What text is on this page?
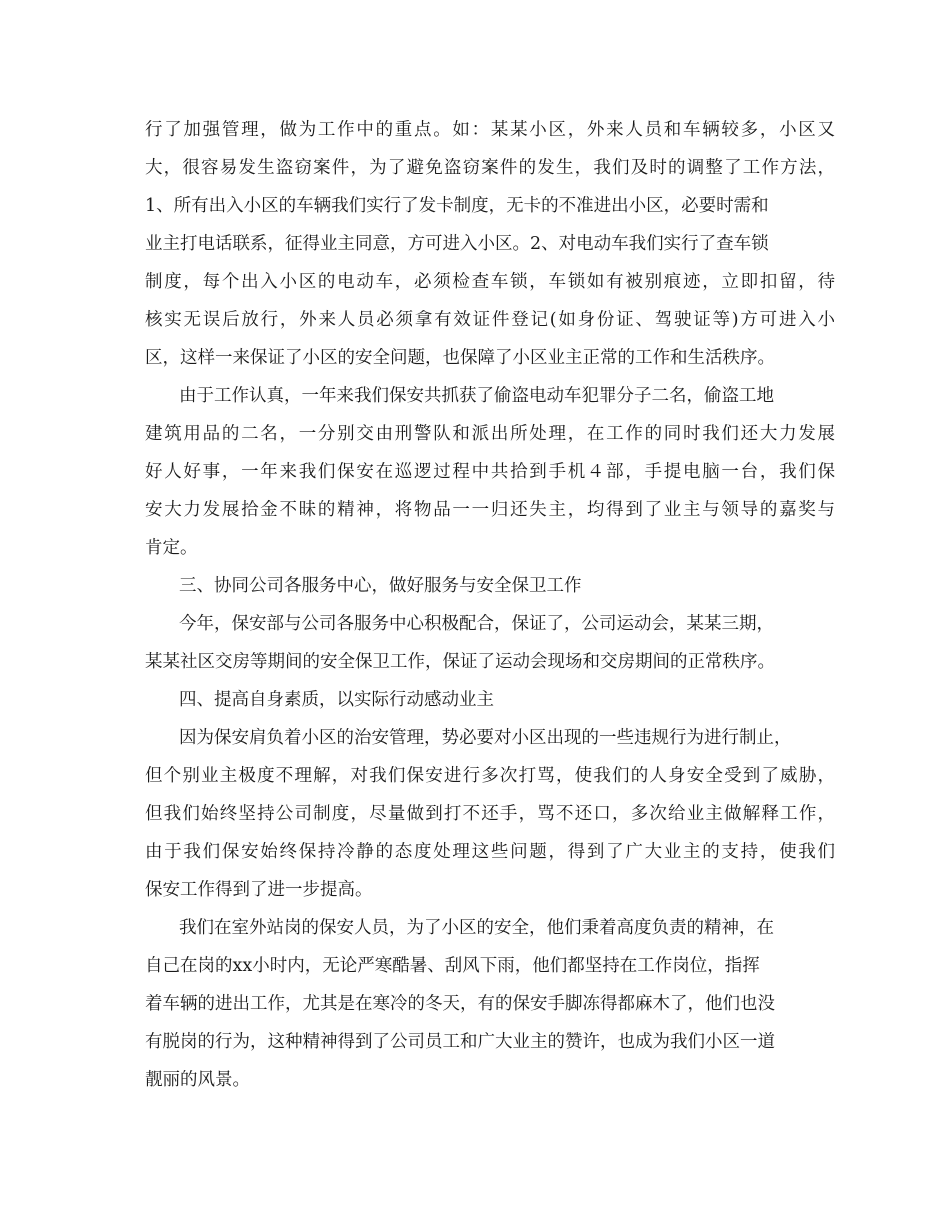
行了加强管理，做为工作中的重点。如：某某小区，外来人员和车辆较多，小区又
大，很容易发生盗窃案件，为了避免盗窃案件的发生，我们及时的调整了工作方法，
1、所有出入小区的车辆我们实行了发卡制度，无卡的不准进出小区，必要时需和
业主打电话联系，征得业主同意，方可进入小区。2、对电动车我们实行了查车锁
制度，每个出入小区的电动车，必须检查车锁，车锁如有被别痕迹，立即扣留，待
核实无误后放行，外来人员必须拿有效证件登记(如身份证、驾驶证等)方可进入小
区，这样一来保证了小区的安全问题，也保障了小区业主正常的工作和生活秩序。
由于工作认真，一年来我们保安共抓获了偷盗电动车犯罪分子二名，偷盗工地
建筑用品的二名，一分别交由刑警队和派出所处理，在工作的同时我们还大力发展
好人好事，一年来我们保安在巡逻过程中共拾到手机４部，手提电脑一台，我们保
安大力发展拾金不昧的精神，将物品一一归还失主，均得到了业主与领导的嘉奖与
肯定。
三、协同公司各服务中心，做好服务与安全保卫工作
今年，保安部与公司各服务中心积极配合，保证了，公司运动会，某某三期，
某某社区交房等期间的安全保卫工作，保证了运动会现场和交房期间的正常秩序。
四、提高自身素质，以实际行动感动业主
因为保安肩负着小区的治安管理，势必要对小区出现的一些违规行为进行制止，
但个别业主极度不理解，对我们保安进行多次打骂，使我们的人身安全受到了威胁，
但我们始终坚持公司制度，尽量做到打不还手，骂不还口，多次给业主做解释工作，
由于我们保安始终保持冷静的态度处理这些问题，得到了广大业主的支持，使我们
保安工作得到了进一步提高。
我们在室外站岗的保安人员，为了小区的安全，他们秉着高度负责的精神，在
自己在岗的xx小时内，无论严寒酷暑、刮风下雨，他们都坚持在工作岗位，指挥
着车辆的进出工作，尤其是在寒冷的冬天，有的保安手脚冻得都麻木了，他们也没
有脱岗的行为，这种精神得到了公司员工和广大业主的赞许，也成为我们小区一道
靓丽的风景。
